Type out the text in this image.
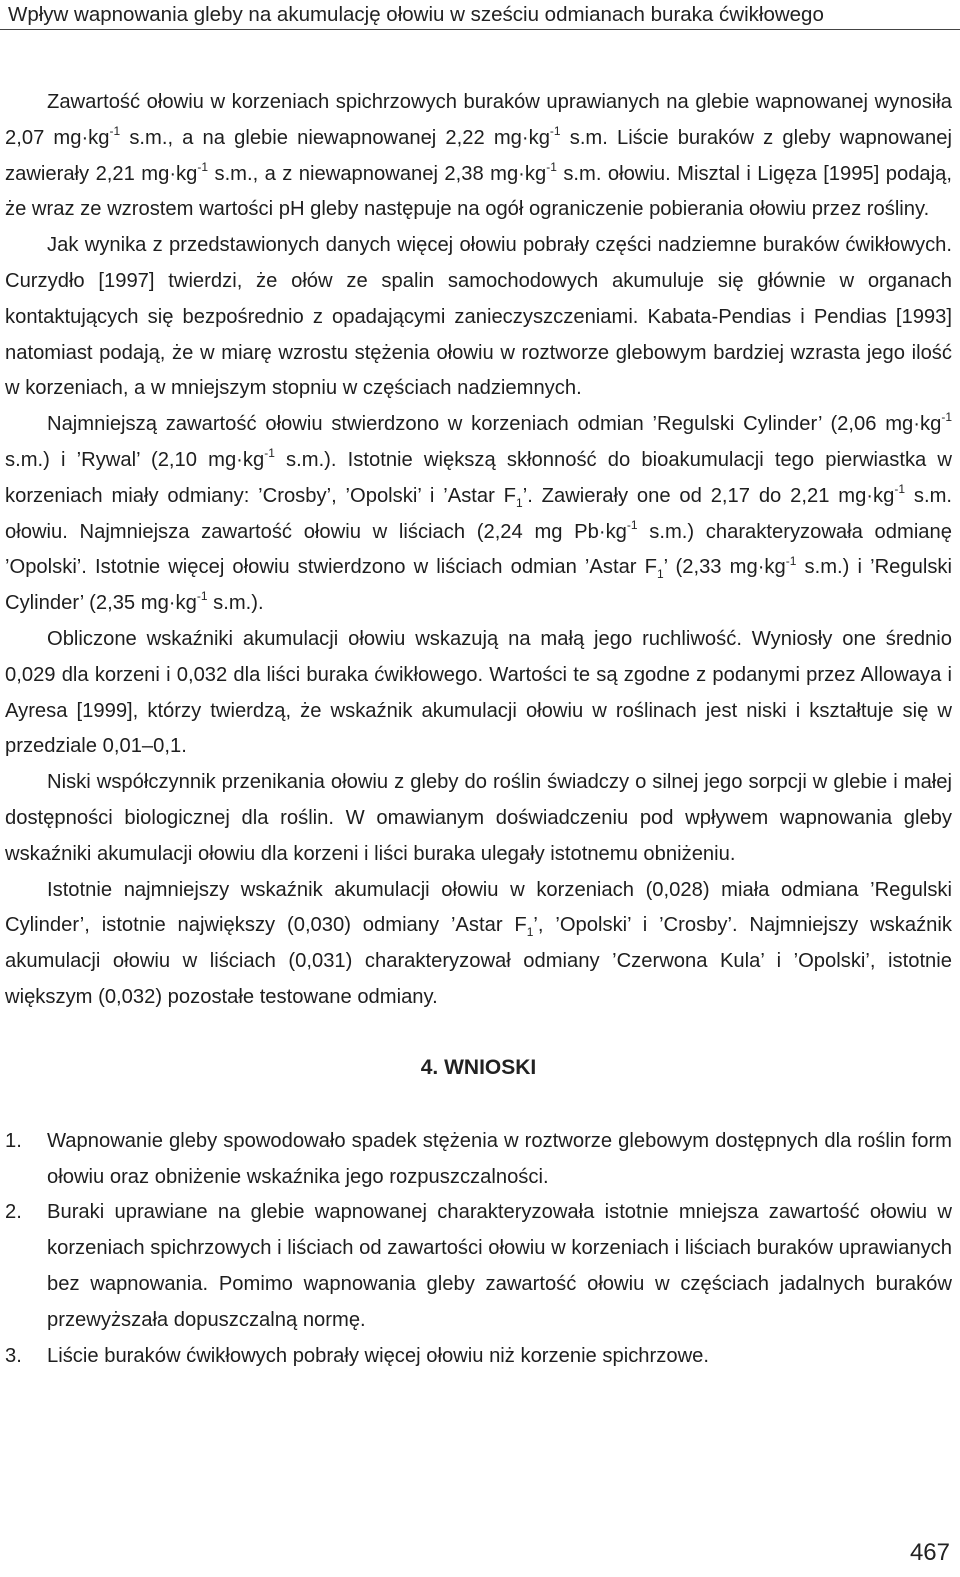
Wpływ wapnowania gleby na akumulację ołowiu w sześciu odmianach buraka ćwikłowego

Zawartość ołowiu w korzeniach spichrzowych buraków uprawianych na glebie wapnowanej wynosiła 2,07 $mg\cdot kg^{-1}$ s.m., a na glebie niewapnowanej 2,22 $mg\cdot kg^{-1}$ s.m. Liście buraków z gleby wapnowanej zawierały 2,21 $mg\cdot kg^{-1}$ s.m., a z niewapnowanej 2,38 $mg\cdot kg^{-1}$ s.m. ołowiu. Misztal i Ligęza [1995] podają, że wraz ze wzrostem wartości pH gleby następuje na ogół ograniczenie pobierania ołowiu przez rośliny.

Jak wynika z przedstawionych danych więcej ołowiu pobrały części nadziemne buraków ćwikłowych. Curzydło [1997] twierdzi, że ołów ze spalin samochodowych akumuluje się głównie w organach kontaktujących się bezpośrednio z opadającymi zanieczyszczeniami. Kabata-Pendias i Pendias [1993] natomiast podają, że w miarę wzrostu stężenia ołowiu w roztworze glebowym bardziej wzrasta jego ilość w korzeniach, a w mniejszym stopniu w częściach nadziemnych.

Najmniejszą zawartość ołowiu stwierdzono w korzeniach odmian ’Regulski Cylinder’ (2,06 $mg\cdot kg^{-1}$ s.m.) i ’Rywal’ (2,10 $mg\cdot kg^{-1}$ s.m.). Istotnie większą skłonność do bioakumulacji tego pierwiastka w korzeniach miały odmiany: ’Crosby’, ’Opolski’ i ’Astar $F_1$’. Zawierały one od 2,17 do 2,21 $mg\cdot kg^{-1}$ s.m. ołowiu. Najmniejsza zawartość ołowiu w liściach (2,24 mg $Pb\cdot kg^{-1}$ s.m.) charakteryzowała odmianę ’Opolski’. Istotnie więcej ołowiu stwierdzono w liściach odmian ’Astar $F_1$’ (2,33 $mg\cdot kg^{-1}$ s.m.) i ’Regulski Cylinder’ (2,35 $mg\cdot kg^{-1}$ s.m.).

Obliczone wskaźniki akumulacji ołowiu wskazują na małą jego ruchliwość. Wyniosły one średnio 0,029 dla korzeni i 0,032 dla liści buraka ćwikłowego. Wartości te są zgodne z podanymi przez Allowaya i Ayresa [1999], którzy twierdzą, że wskaźnik akumulacji ołowiu w roślinach jest niski i kształtuje się w przedziale 0,01–0,1.

Niski współczynnik przenikania ołowiu z gleby do roślin świadczy o silnej jego sorpcji w glebie i małej dostępności biologicznej dla roślin. W omawianym doświadczeniu pod wpływem wapnowania gleby wskaźniki akumulacji ołowiu dla korzeni i liści buraka ulegały istotnemu obniżeniu.

Istotnie najmniejszy wskaźnik akumulacji ołowiu w korzeniach (0,028) miała odmiana ’Regulski Cylinder’, istotnie największy (0,030) odmiany ’Astar $F_1$’, ’Opolski’ i ’Crosby’. Najmniejszy wskaźnik akumulacji ołowiu w liściach (0,031) charakteryzował odmiany ’Czerwona Kula’ i ’Opolski’, istotnie większym (0,032) pozostałe testowane odmiany.

4. WNIOSKI
1. Wapnowanie gleby spowodowało spadek stężenia w roztworze glebowym dostępnych dla roślin form ołowiu oraz obniżenie wskaźnika jego rozpuszczalności.
2. Buraki uprawiane na glebie wapnowanej charakteryzowała istotnie mniejsza zawartość ołowiu w korzeniach spichrzowych i liściach od zawartości ołowiu w korzeniach i liściach buraków uprawianych bez wapnowania. Pomimo wapnowania gleby zawartość ołowiu w częściach jadalnych buraków przewyższała dopuszczalną normę.
3. Liście buraków ćwikłowych pobrały więcej ołowiu niż korzenie spichrzowe.
467
